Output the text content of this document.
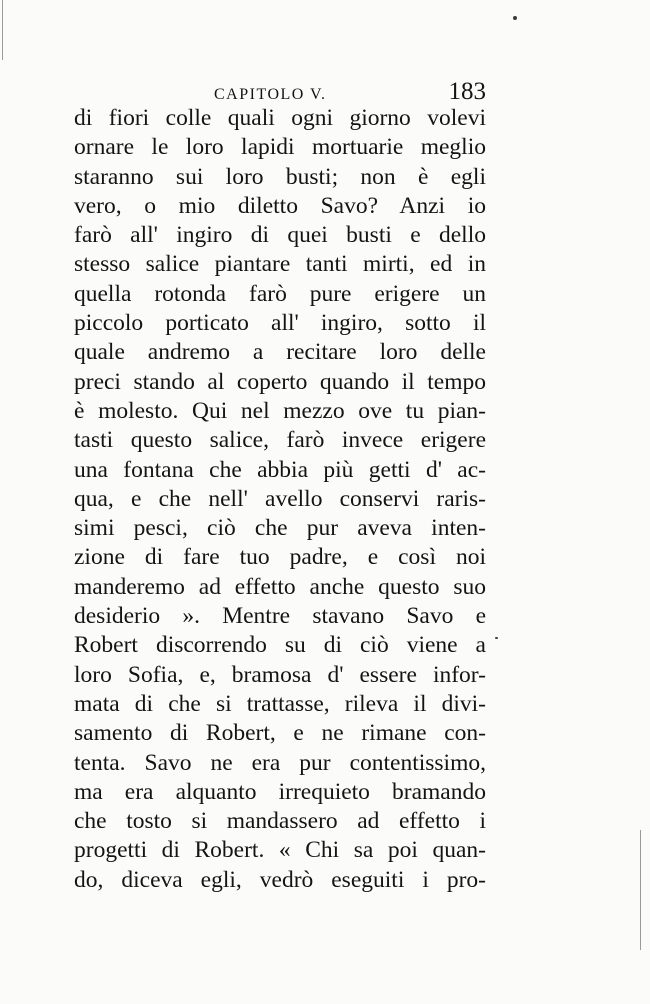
CAPITOLO V.	183
di fiori colle quali ogni giorno volevi
ornare le loro lapidi mortuarie meglio
staranno sui loro busti; non è egli
vero, o mio diletto Savo? Anzi io
farò all' ingiro di quei busti e dello
stesso salice piantare tanti mirti, ed in
quella rotonda farò pure erigere un
piccolo porticato all' ingiro, sotto il
quale andremo a recitare loro delle
preci stando al coperto quando il tempo
è molesto. Qui nel mezzo ove tu pian-
tasti questo salice, farò invece erigere
una fontana che abbia più getti d' ac-
qua, e che nell' avello conservi raris-
simi pesci, ciò che pur aveva inten-
zione di fare tuo padre, e così noi
manderemo ad effetto anche questo suo
desiderio ». Mentre stavano Savo e
Robert discorrendo su di ciò viene a
loro Sofia, e, bramosa d' essere infor-
mata di che si trattasse, rileva il divi-
samento di Robert, e ne rimane con-
tenta. Savo ne era pur contentissimo,
ma era alquanto irrequieto bramando
che tosto si mandassero ad effetto i
progetti di Robert. « Chi sa poi quan-
do, diceva egli, vedrò eseguiti i pro-
